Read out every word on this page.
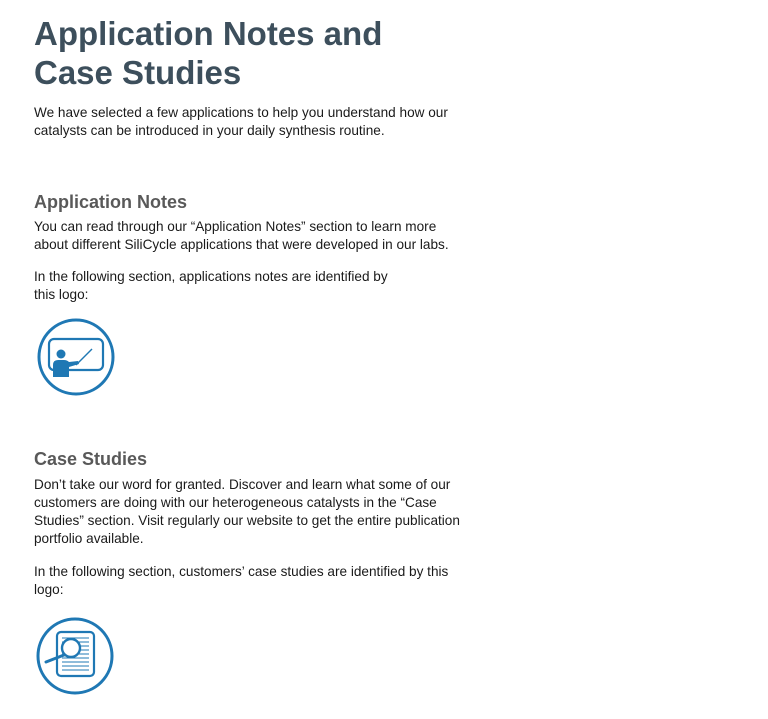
Application Notes and
Case Studies

We have selected a few applications to help you understand how our
catalysts can be introduced in your daily synthesis routine.

Application Notes

You can read through our “Application Notes” section to learn more
about different SiliCycle applications that were developed in our labs.

In the following section, applications notes are identified by
this logo:

Case Studies

Don’t take our word for granted. Discover and learn what some of our
customers are doing with our heterogeneous catalysts in the “Case
Studies” section. Visit regularly our website to get the entire publication
portfolio available.

In the following section, customers’ case studies are identified by this
logo:
